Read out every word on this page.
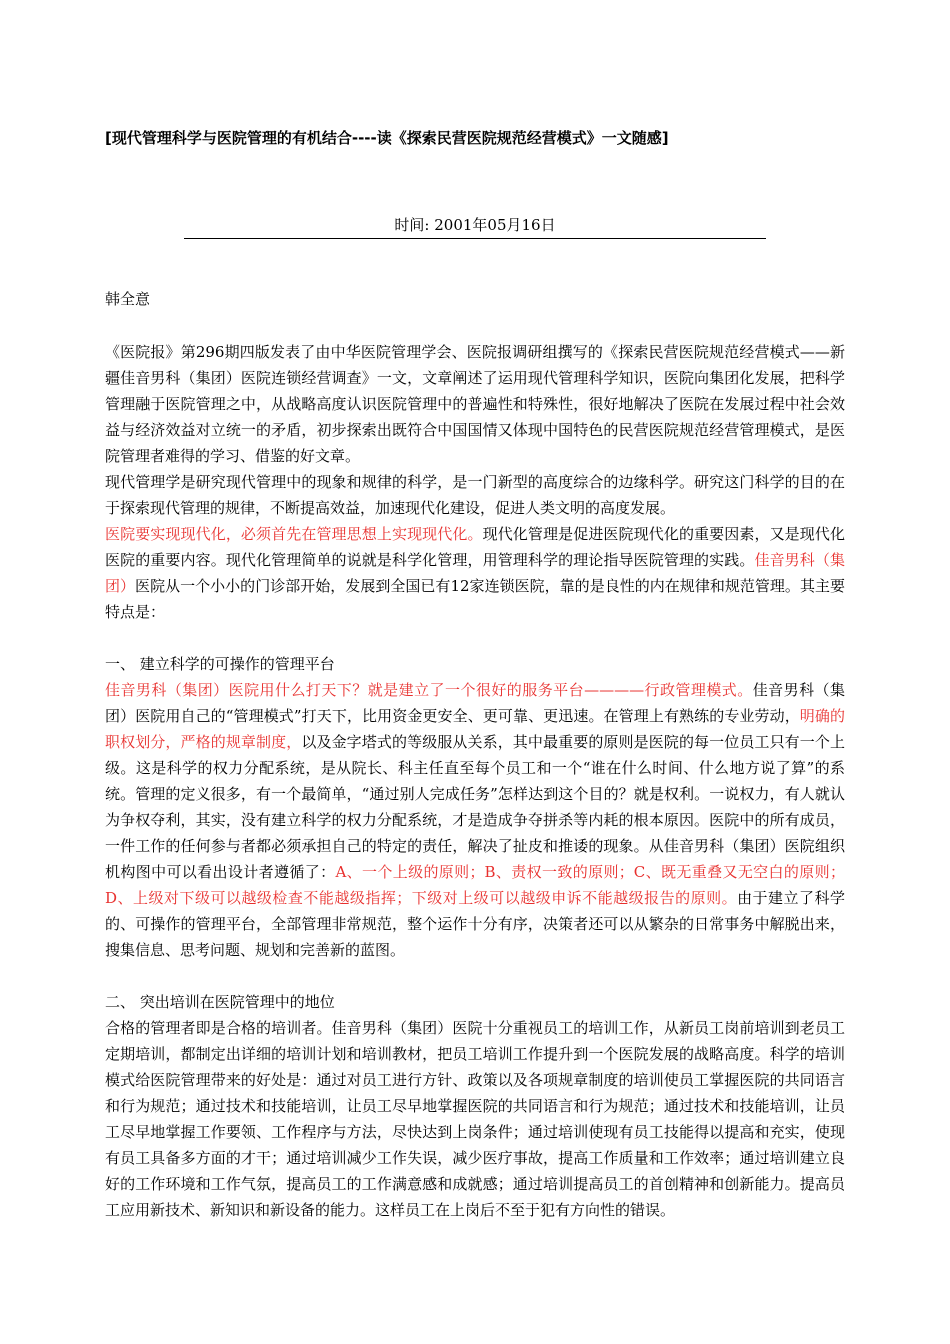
[现代管理科学与医院管理的有机结合----读《探索民营医院规范经营模式》一文随感]
时间: 2001年05月16日
韩全意

《医院报》第296期四版发表了由中华医院管理学会、医院报调研组撰写的《探索民营医院规范经营模式——新疆佳音男科（集团）医院连锁经营调查》一文，文章阐述了运用现代管理科学知识，医院向集团化发展，把科学管理融于医院管理之中，从战略高度认识医院管理中的普遍性和特殊性，很好地解决了医院在发展过程中社会效益与经济效益对立统一的矛盾，初步探索出既符合中国国情又体现中国特色的民营医院规范经营管理模式，是医院管理者难得的学习、借鉴的好文章。

现代管理学是研究现代管理中的现象和规律的科学，是一门新型的高度综合的边缘科学。研究这门科学的目的在于探索现代管理的规律，不断提高效益，加速现代化建设，促进人类文明的高度发展。

医院要实现现代化，必须首先在管理思想上实现现代化。现代化管理是促进医院现代化的重要因素，又是现代化医院的重要内容。现代化管理简单的说就是科学化管理，用管理科学的理论指导医院管理的实践。佳音男科（集团）医院从一个小小的门诊部开始，发展到全国已有12家连锁医院，靠的是良性的内在规律和规范管理。其主要特点是：

一、 建立科学的可操作的管理平台

佳音男科（集团）医院用什么打天下？就是建立了一个很好的服务平台————行政管理模式。佳音男科（集团）医院用自己的“管理模式”打天下，比用资金更安全、更可靠、更迅速。在管理上有熟练的专业劳动，明确的职权划分，严格的规章制度，以及金字塔式的等级服从关系，其中最重要的原则是医院的每一位员工只有一个上级。这是科学的权力分配系统，是从院长、科主任直至每个员工和一个“谁在什么时间、什么地方说了算”的系统。管理的定义很多，有一个最简单，“通过别人完成任务”怎样达到这个目的？就是权利。一说权力，有人就认为争权夺利，其实，没有建立科学的权力分配系统，才是造成争夺拼杀等内耗的根本原因。医院中的所有成员，一件工作的任何参与者都必须承担自己的特定的责任，解决了扯皮和推诿的现象。从佳音男科（集团）医院组织机构图中可以看出设计者遵循了：A、一个上级的原则；B、责权一致的原则；C、既无重叠又无空白的原则；D、上级对下级可以越级检查不能越级指挥；下级对上级可以越级申诉不能越级报告的原则。由于建立了科学的、可操作的管理平台，全部管理非常规范，整个运作十分有序，决策者还可以从繁杂的日常事务中解脱出来，搜集信息、思考问题、规划和完善新的蓝图。

二、 突出培训在医院管理中的地位

合格的管理者即是合格的培训者。佳音男科（集团）医院十分重视员工的培训工作，从新员工岗前培训到老员工定期培训，都制定出详细的培训计划和培训教材，把员工培训工作提升到一个医院发展的战略高度。科学的培训模式给医院管理带来的好处是：通过对员工进行方针、政策以及各项规章制度的培训使员工掌握医院的共同语言和行为规范；通过技术和技能培训，让员工尽早地掌握医院的共同语言和行为规范；通过技术和技能培训，让员工尽早地掌握工作要领、工作程序与方法，尽快达到上岗条件；通过培训使现有员工技能得以提高和充实，使现有员工具备多方面的才干；通过培训减少工作失误，减少医疗事故，提高工作质量和工作效率；通过培训建立良好的工作环境和工作气氛，提高员工的工作满意感和成就感；通过培训提高员工的首创精神和创新能力。提高员工应用新技术、新知识和新设备的能力。这样员工在上岗后不至于犯有方向性的错误。
